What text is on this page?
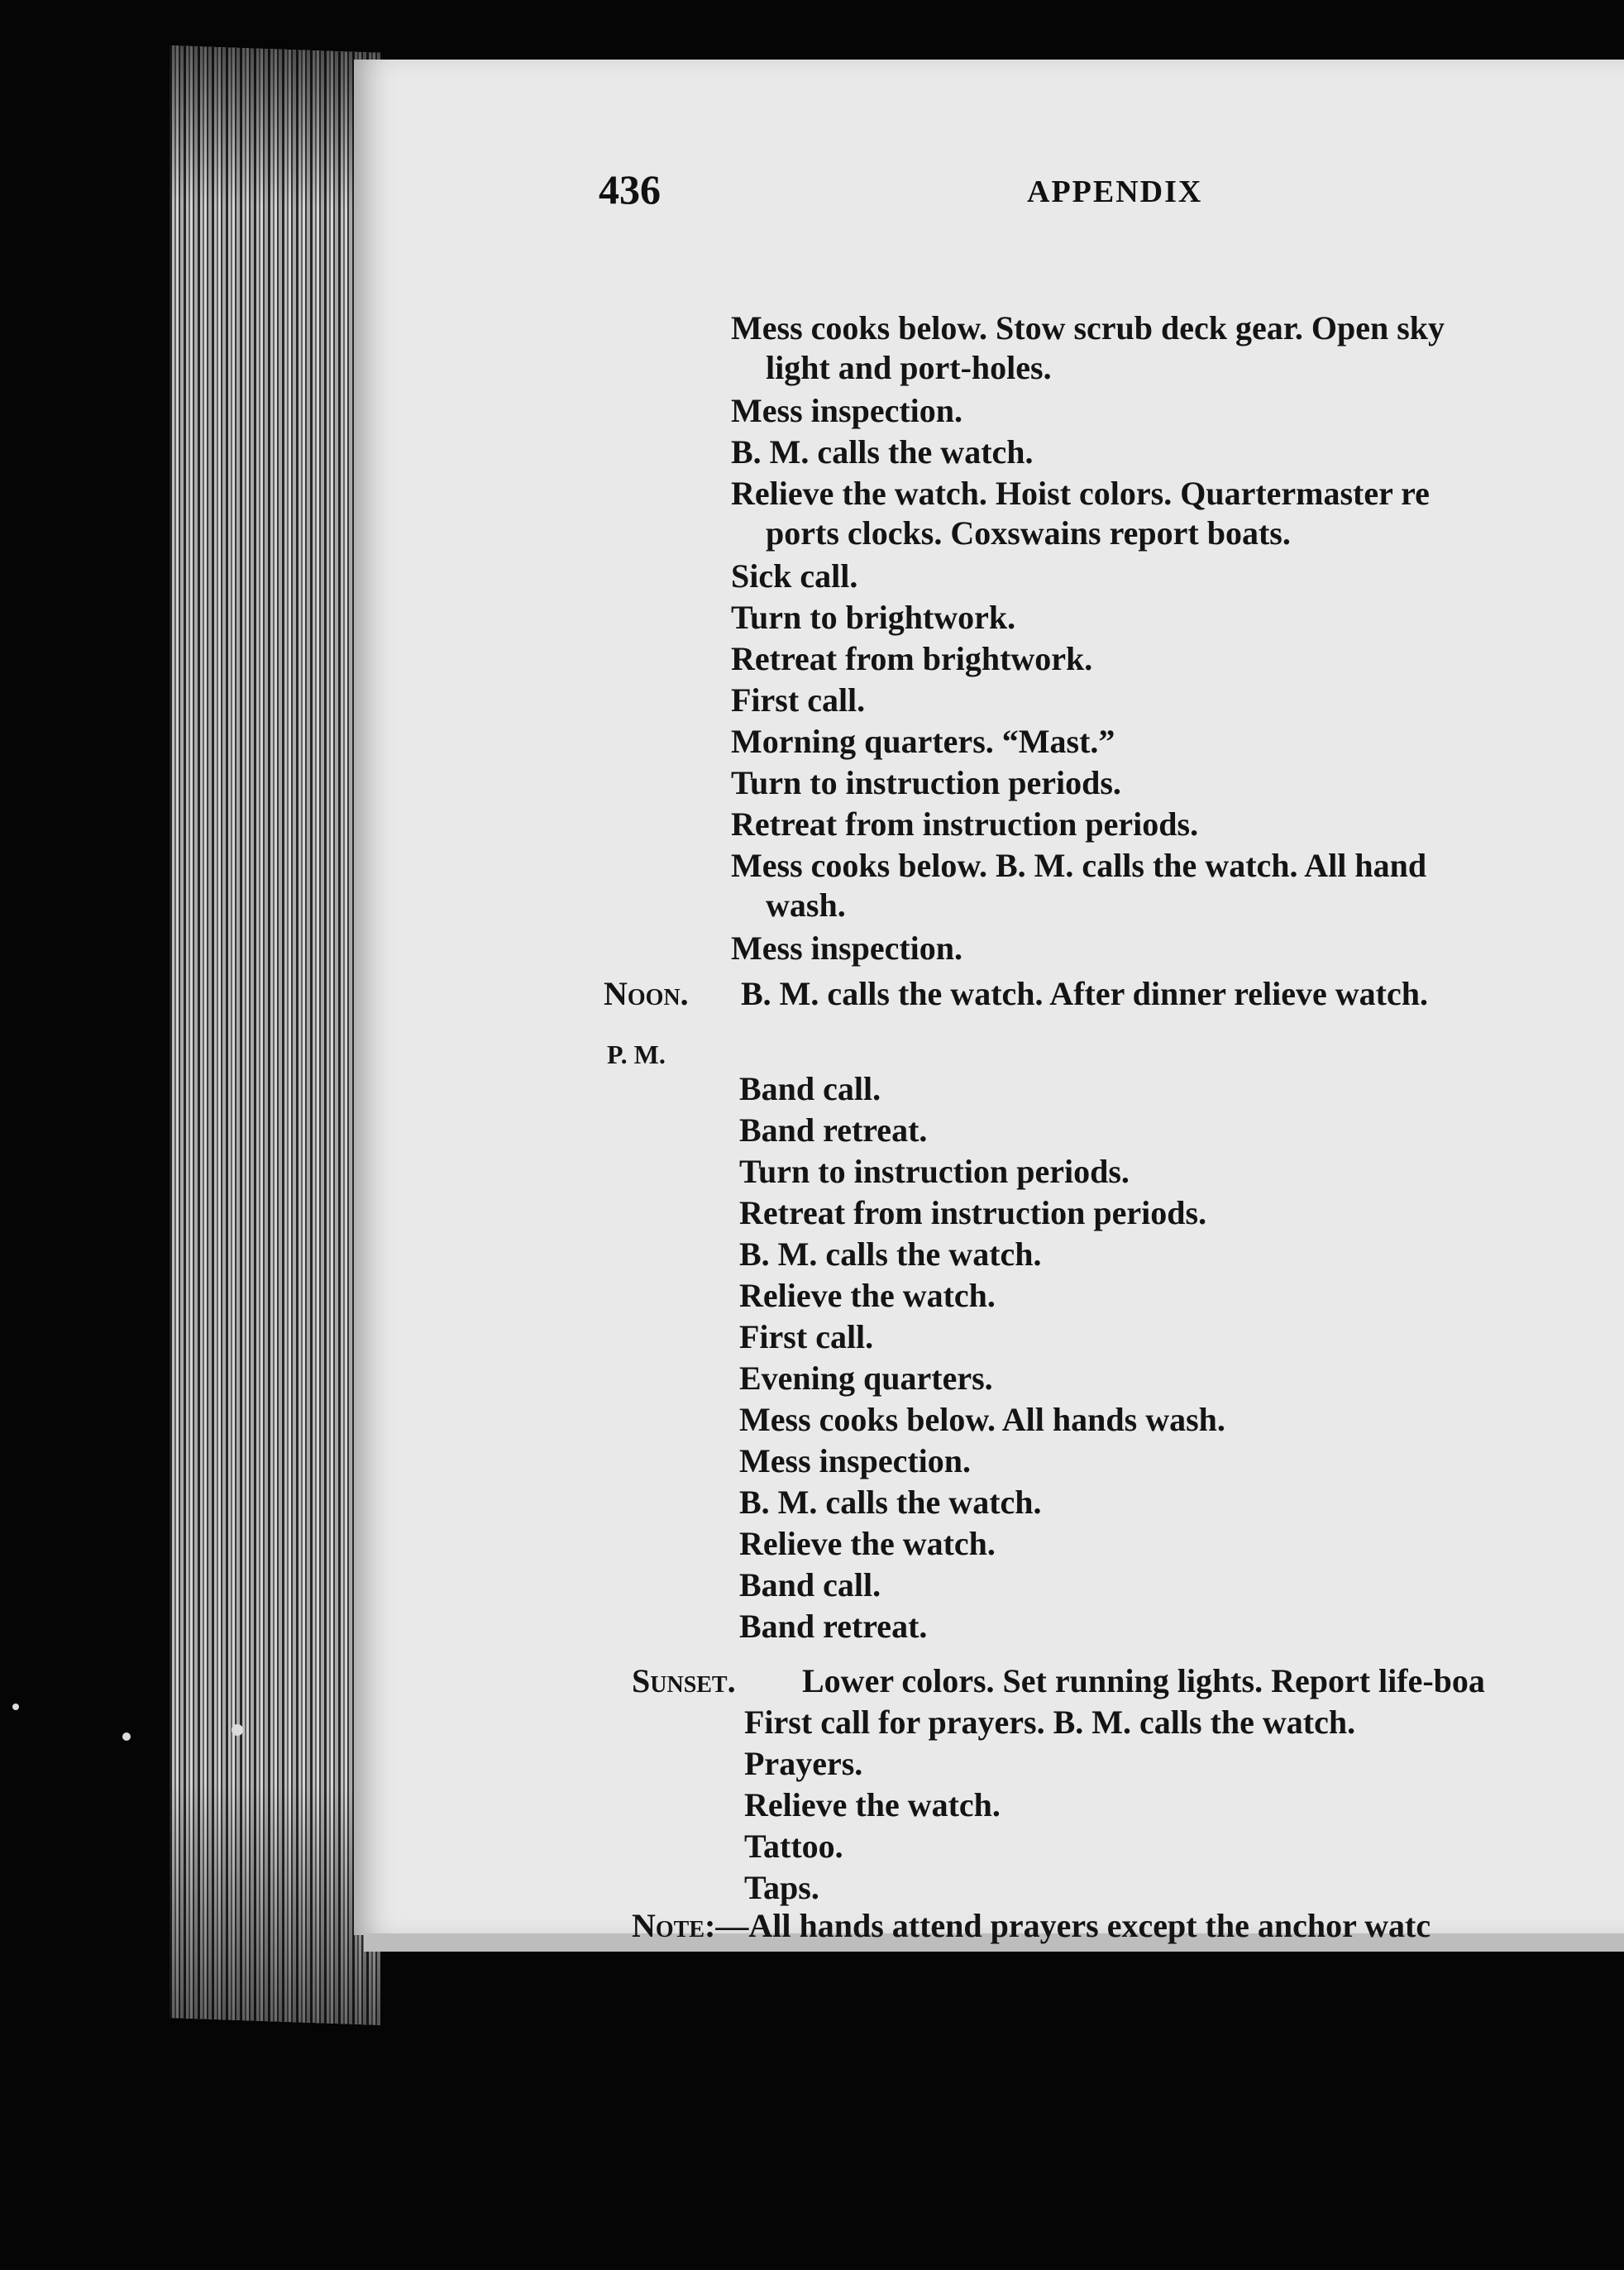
436	APPENDIX
Mess cooks below. Stow scrub deck gear. Open sky
light and port-holes.
Mess inspection.
B. M. calls the watch.
Relieve the watch. Hoist colors. Quartermaster re
ports clocks. Coxswains report boats.
Sick call.
Turn to brightwork.
Retreat from brightwork.
First call.
Morning quarters. “Mast.”
Turn to instruction periods.
Retreat from instruction periods.
Mess cooks below. B. M. calls the watch. All hand
wash.
Mess inspection.
Noon. B. M. calls the watch. After dinner relieve watch.
P. M.
Band call.
Band retreat.
Turn to instruction periods.
Retreat from instruction periods.
B. M. calls the watch.
Relieve the watch.
First call.
Evening quarters.
Mess cooks below. All hands wash.
Mess inspection.
B. M. calls the watch.
Relieve the watch.
Band call.
Band retreat.
Sunset. Lower colors. Set running lights. Report life-boa
First call for prayers. B. M. calls the watch.
Prayers.
Relieve the watch.
Tattoo.
Taps.
Note:—All hands attend prayers except the anchor watc
